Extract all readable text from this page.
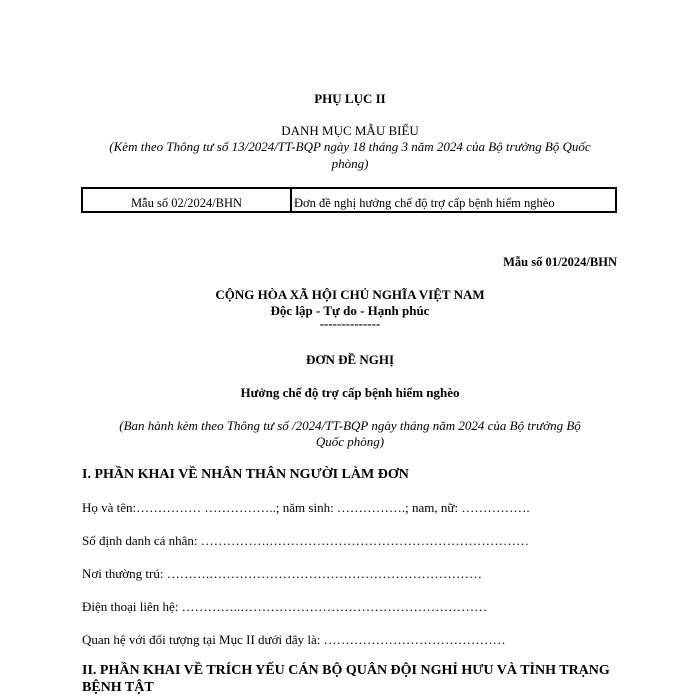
PHỤ LỤC II
DANH MỤC MẪU BIỂU
(Kèm theo Thông tư số 13/2024/TT-BQP ngày 18 tháng 3 năm 2024 của Bộ trưởng Bộ Quốc
phòng)
Mẫu số 02/2024/BHN	Đơn đề nghị hưởng chế độ trợ cấp bệnh hiểm nghèo
Mẫu số 01/2024/BHN
CỘNG HÒA XÃ HỘI CHỦ NGHĨA VIỆT NAM
Độc lập - Tự do - Hạnh phúc
--------------
ĐƠN ĐỀ NGHỊ
Hưởng chế độ trợ cấp bệnh hiểm nghèo
(Ban hành kèm theo Thông tư số /2024/TT-BQP ngày tháng năm 2024 của Bộ trưởng Bộ
Quốc phòng)
I. PHẦN KHAI VỀ NHÂN THÂN NGƯỜI LÀM ĐƠN
Họ và tên:…………… ……………..; năm sinh: …………….; nam, nữ: …………….
Số định danh cá nhân: …………….……………………………………………………
Nơi thường trú: ……….………………………………………………………
Điện thoại liên hệ: …………..…………………………………………………
Quan hệ với đối tượng tại Mục II dưới đây là: ……………………………………
II. PHẦN KHAI VỀ TRÍCH YẾU CÁN BỘ QUÂN ĐỘI NGHỈ HƯU VÀ TÌNH TRẠNG
BỆNH TẬT
